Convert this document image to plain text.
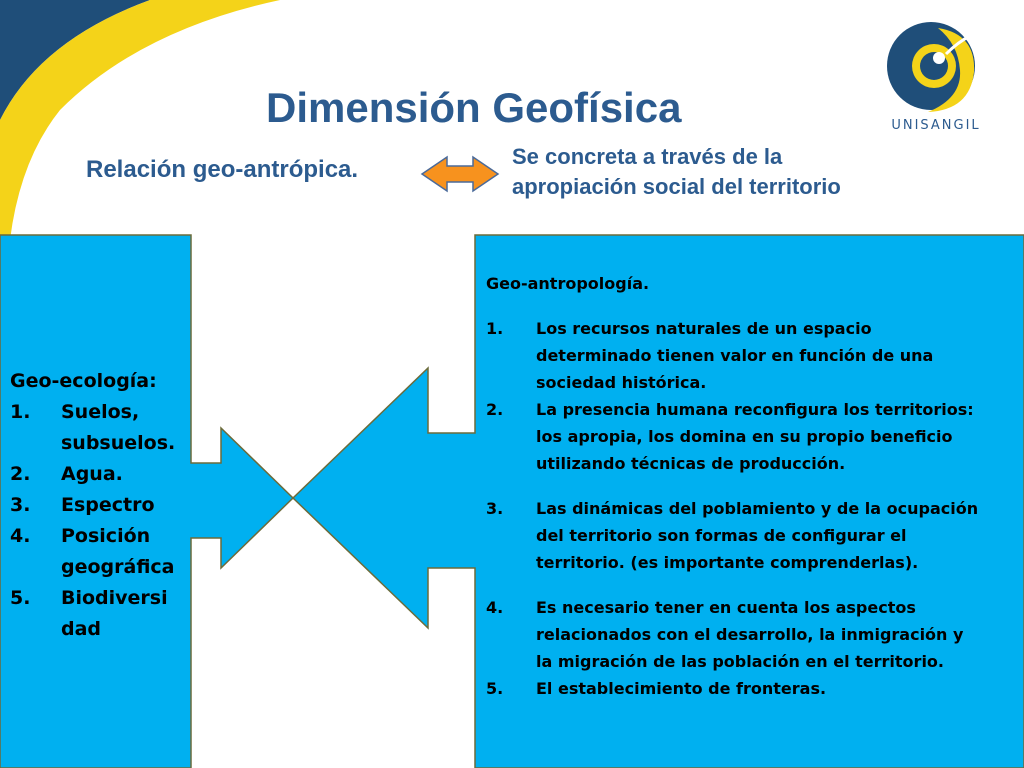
Dimensión Geofísica
Relación geo-antrópica.	Se concreta a través de la
apropiación social del territorio
UNISANGIL
Geo-ecología:
1. Suelos,
subsuelos.
2. Agua.
3. Espectro
4. Posición
geográfica
5. Biodiversi
dad
Geo-antropología.
1. Los recursos naturales de un espacio
determinado tienen valor en función de una
sociedad histórica.
2. La presencia humana reconfigura los territorios:
los apropia, los domina en su propio beneficio
utilizando técnicas de producción.
3. Las dinámicas del poblamiento y de la ocupación
del territorio son formas de configurar el
territorio. (es importante comprenderlas).
4. Es necesario tener en cuenta los aspectos
relacionados con el desarrollo, la inmigración y
la migración de las población en el territorio.
5. El establecimiento de fronteras.
